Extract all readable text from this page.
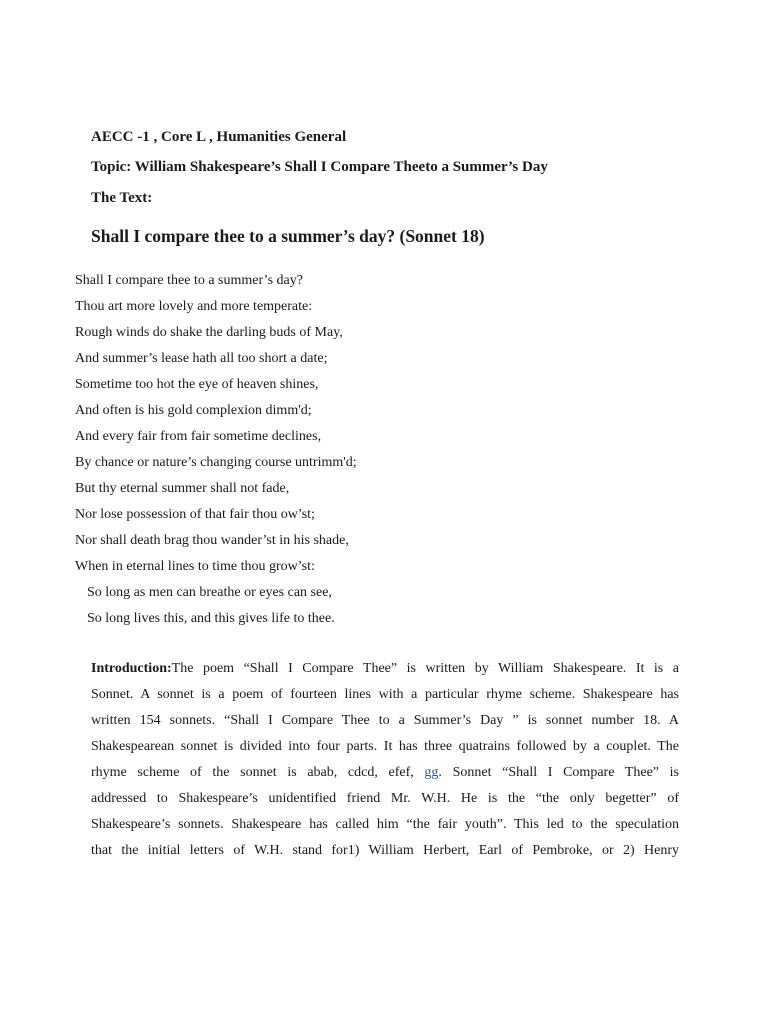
AECC -1 , Core L , Humanities General
Topic: William Shakespeare’s Shall I Compare Theeto a Summer’s Day
The Text:
Shall I compare thee to a summer’s day? (Sonnet 18)
Shall I compare thee to a summer’s day?
Thou art more lovely and more temperate:
Rough winds do shake the darling buds of May,
And summer’s lease hath all too short a date;
Sometime too hot the eye of heaven shines,
And often is his gold complexion dimm'd;
And every fair from fair sometime declines,
By chance or nature’s changing course untrimm'd;
But thy eternal summer shall not fade,
Nor lose possession of that fair thou ow’st;
Nor shall death brag thou wander’st in his shade,
When in eternal lines to time thou grow’st:
So long as men can breathe or eyes can see,
So long lives this, and this gives life to thee.
Introduction:The poem “Shall I Compare Thee” is written by William Shakespeare. It is a
Sonnet. A sonnet is a poem of fourteen lines with a particular rhyme scheme. Shakespeare has
written 154 sonnets. “Shall I Compare Thee to a Summer’s Day ” is sonnet number 18. A
Shakespearean sonnet is divided into four parts. It has three quatrains followed by a couplet. The
rhyme scheme of the sonnet is abab, cdcd, efef, gg. Sonnet “Shall I Compare Thee” is
addressed to Shakespeare’s unidentified friend Mr. W.H. He is the “the only begetter” of
Shakespeare’s sonnets. Shakespeare has called him “the fair youth”. This led to the speculation
that the initial letters of W.H. stand for1) William Herbert, Earl of Pembroke, or 2) Henry
